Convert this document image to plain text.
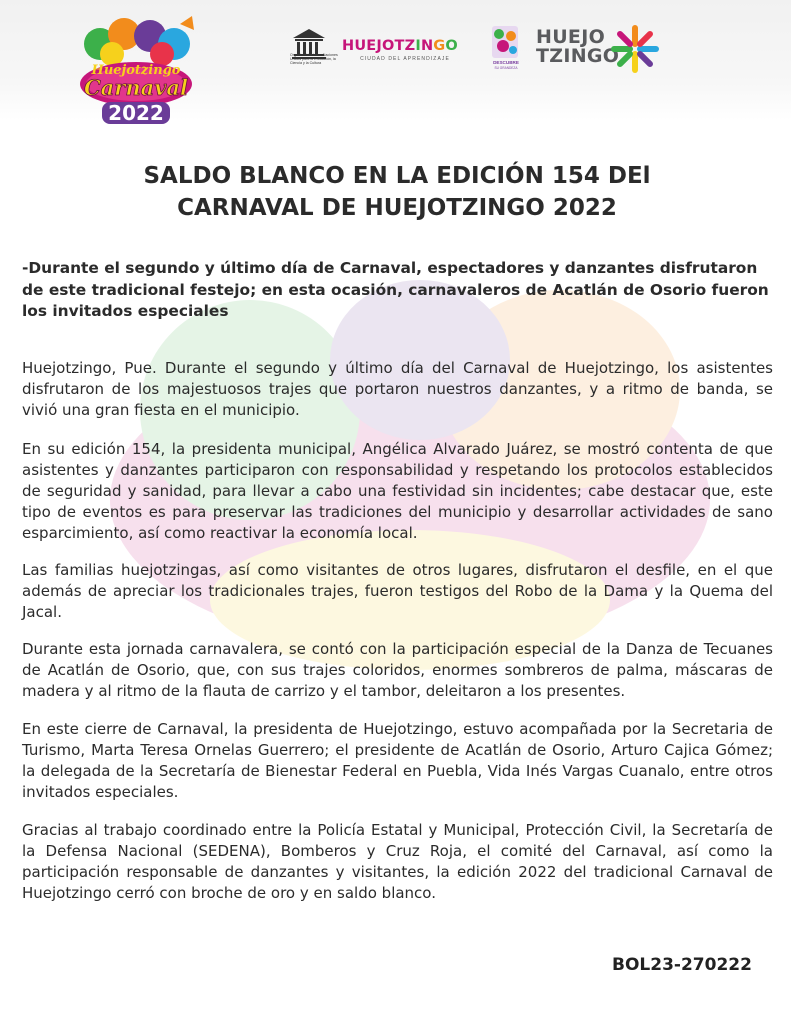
Huejotzingo
Carnaval
2022
Organización de las Naciones Unidas para la Educación, la Ciencia y la Cultura
HUEJOTZINGO
CIUDAD DEL APRENDIZAJE
DESCUBRE
SU GRANDEZA
HUEJO
TZINGO
SALDO BLANCO EN LA EDICIÓN 154 DEl
CARNAVAL DE HUEJOTZINGO 2022

-Durante el segundo y último día de Carnaval, espectadores y danzantes disfrutaron de este tradicional festejo; en esta ocasión, carnavaleros de Acatlán de Osorio fueron los invitados especiales

Huejotzingo, Pue. Durante el segundo y último día del Carnaval de Huejotzingo, los asistentes disfrutaron de los majestuosos trajes que portaron nuestros danzantes, y a ritmo de banda, se vivió una gran fiesta en el municipio.

En su edición 154, la presidenta municipal, Angélica Alvarado Juárez, se mostró contenta de que asistentes y danzantes participaron con responsabilidad y respetando los protocolos establecidos de seguridad y sanidad, para llevar a cabo una festividad sin incidentes; cabe destacar que, este tipo de eventos es para preservar las tradiciones del municipio y desarrollar actividades de sano esparcimiento, así como reactivar la economía local.

Las familias huejotzingas, así como visitantes de otros lugares, disfrutaron el desfile, en el que además de apreciar los tradicionales trajes, fueron testigos del Robo de la Dama y la Quema del Jacal.

Durante esta jornada carnavalera, se contó con la participación especial de la Danza de Tecuanes de Acatlán de Osorio, que, con sus trajes coloridos, enormes sombreros de palma, máscaras de madera y al ritmo de la flauta de carrizo y el tambor, deleitaron a los presentes.

En este cierre de Carnaval, la presidenta de Huejotzingo, estuvo acompañada por la Secretaria de Turismo, Marta Teresa Ornelas Guerrero; el presidente de Acatlán de Osorio, Arturo Cajica Gómez; la delegada de la Secretaría de Bienestar Federal en Puebla, Vida Inés Vargas Cuanalo, entre otros invitados especiales.

Gracias al trabajo coordinado entre la Policía Estatal y Municipal, Protección Civil, la Secretaría de la Defensa Nacional (SEDENA), Bomberos y Cruz Roja, el comité del Carnaval, así como la participación responsable de danzantes y visitantes, la edición 2022 del tradicional Carnaval de Huejotzingo cerró con broche de oro y en saldo blanco.

BOL23-270222
